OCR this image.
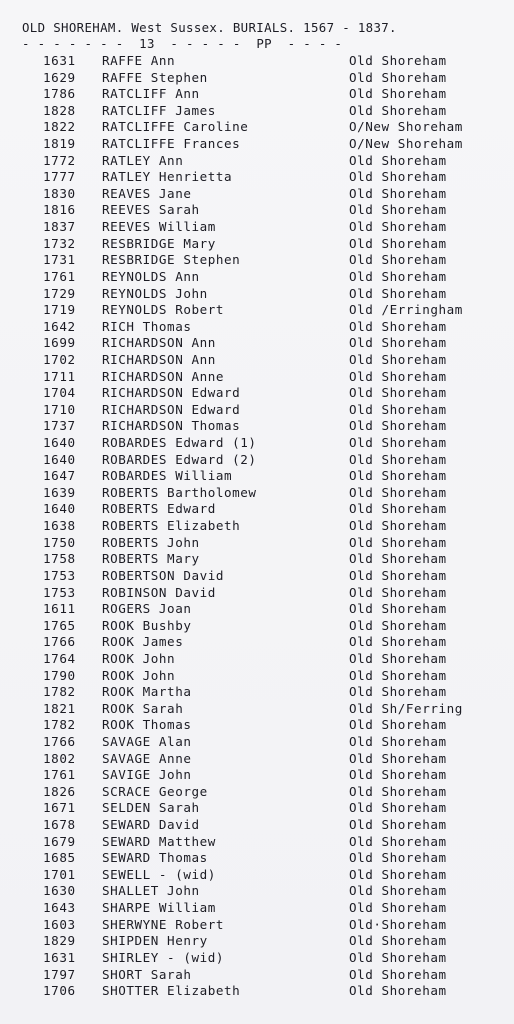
OLD SHOREHAM. West Sussex. BURIALS. 1567 - 1837.
- - - - - - - 13 - - - - - PP - - - -
1631 RAFFE Ann	Old Shoreham
1629 RAFFE Stephen	Old Shoreham
1786 RATCLIFF Ann	Old Shoreham
1828 RATCLIFF James	Old Shoreham
1822 RATCLIFFE Caroline	O/New Shoreham
1819 RATCLIFFE Frances	O/New Shoreham
1772 RATLEY Ann	Old Shoreham
1777 RATLEY Henrietta	Old Shoreham
1830 REAVES Jane	Old Shoreham
1816 REEVES Sarah	Old Shoreham
1837 REEVES William	Old Shoreham
1732 RESBRIDGE Mary	Old Shoreham
1731 RESBRIDGE Stephen	Old Shoreham
1761 REYNOLDS Ann	Old Shoreham
1729 REYNOLDS John	Old Shoreham
1719 REYNOLDS Robert	Old /Erringham
1642 RICH Thomas	Old Shoreham
1699 RICHARDSON Ann	Old Shoreham
1702 RICHARDSON Ann	Old Shoreham
1711 RICHARDSON Anne	Old Shoreham
1704 RICHARDSON Edward	Old Shoreham
1710 RICHARDSON Edward	Old Shoreham
1737 RICHARDSON Thomas	Old Shoreham
1640 ROBARDES Edward (1)	Old Shoreham
1640 ROBARDES Edward (2)	Old Shoreham
1647 ROBARDES William	Old Shoreham
1639 ROBERTS Bartholomew	Old Shoreham
1640 ROBERTS Edward	Old Shoreham
1638 ROBERTS Elizabeth	Old Shoreham
1750 ROBERTS John	Old Shoreham
1758 ROBERTS Mary	Old Shoreham
1753 ROBERTSON David	Old Shoreham
1753 ROBINSON David	Old Shoreham
1611 ROGERS Joan	Old Shoreham
1765 ROOK Bushby	Old Shoreham
1766 ROOK James	Old Shoreham
1764 ROOK John	Old Shoreham
1790 ROOK John	Old Shoreham
1782 ROOK Martha	Old Shoreham
1821 ROOK Sarah	Old Sh/Ferring
1782 ROOK Thomas	Old Shoreham
1766 SAVAGE Alan	Old Shoreham
1802 SAVAGE Anne	Old Shoreham
1761 SAVIGE John	Old Shoreham
1826 SCRACE George	Old Shoreham
1671 SELDEN Sarah	Old Shoreham
1678 SEWARD David	Old Shoreham
1679 SEWARD Matthew	Old Shoreham
1685 SEWARD Thomas	Old Shoreham
1701 SEWELL - (wid)	Old Shoreham
1630 SHALLET John	Old Shoreham
1643 SHARPE William	Old Shoreham
1603 SHERWYNE Robert	Old·Shoreham
1829 SHIPDEN Henry	Old Shoreham
1631 SHIRLEY - (wid)	Old Shoreham
1797 SHORT Sarah	Old Shoreham
1706 SHOTTER Elizabeth	Old Shoreham
